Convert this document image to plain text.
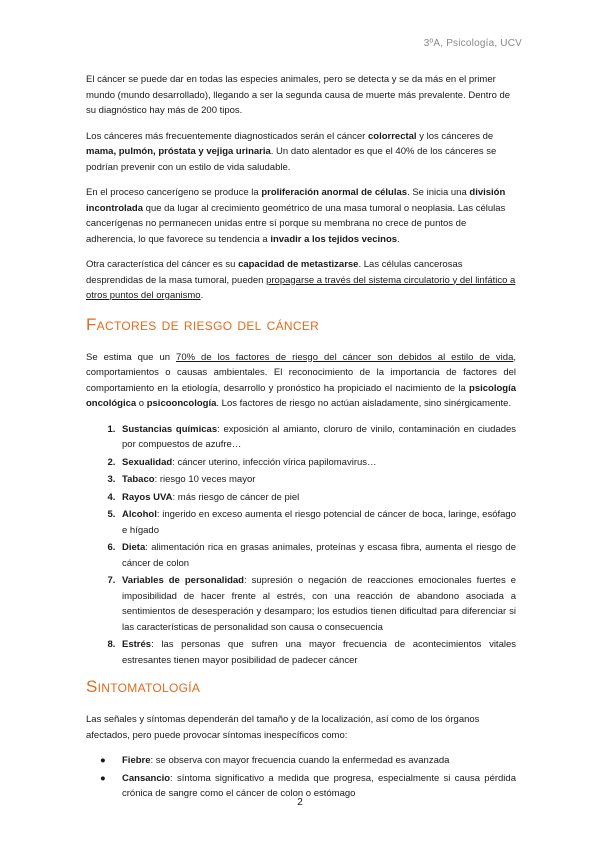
3ºA, Psicología, UCV

El cáncer se puede dar en todas las especies animales, pero se detecta y se da más en el primer mundo (mundo desarrollado), llegando a ser la segunda causa de muerte más prevalente. Dentro de su diagnóstico hay más de 200 tipos.

Los cánceres más frecuentemente diagnosticados serán el cáncer colorrectal y los cánceres de mama, pulmón, próstata y vejiga urinaria. Un dato alentador es que el 40% de los cánceres se podrían prevenir con un estilo de vida saludable.

En el proceso cancerígeno se produce la proliferación anormal de células. Se inicia una división incontrolada que da lugar al crecimiento geométrico de una masa tumoral o neoplasia. Las células cancerígenas no permanecen unidas entre sí porque su membrana no crece de puntos de adherencia, lo que favorece su tendencia a invadir a los tejidos vecinos.

Otra característica del cáncer es su capacidad de metastizarse. Las células cancerosas desprendidas de la masa tumoral, pueden propagarse a través del sistema circulatorio y del linfático a otros puntos del organismo.

Factores de riesgo del cáncer

Se estima que un 70% de los factores de riesgo del cáncer son debidos al estilo de vida, comportamientos o causas ambientales. El reconocimiento de la importancia de factores del comportamiento en la etiología, desarrollo y pronóstico ha propiciado el nacimiento de la psicología oncológica o psicooncología. Los factores de riesgo no actúan aisladamente, sino sinérgicamente.

1. Sustancias químicas: exposición al amianto, cloruro de vinilo, contaminación en ciudades por compuestos de azufre…
2. Sexualidad: cáncer uterino, infección vírica papilomavirus…
3. Tabaco: riesgo 10 veces mayor
4. Rayos UVA: más riesgo de cáncer de piel
5. Alcohol: ingerido en exceso aumenta el riesgo potencial de cáncer de boca, laringe, esófago e hígado
6. Dieta: alimentación rica en grasas animales, proteínas y escasa fibra, aumenta el riesgo de cáncer de colon
7. Variables de personalidad: supresión o negación de reacciones emocionales fuertes e imposibilidad de hacer frente al estrés, con una reacción de abandono asociada a sentimientos de desesperación y desamparo; los estudios tienen dificultad para diferenciar si las características de personalidad son causa o consecuencia
8. Estrés: las personas que sufren una mayor frecuencia de acontecimientos vitales estresantes tienen mayor posibilidad de padecer cáncer
Sintomatología

Las señales y síntomas dependerán del tamaño y de la localización, así como de los órganos afectados, pero puede provocar síntomas inespecíficos como:

● Fiebre: se observa con mayor frecuencia cuando la enfermedad es avanzada
● Cansancio: síntoma significativo a medida que progresa, especialmente si causa pérdida crónica de sangre como el cáncer de colon o estómago
2
